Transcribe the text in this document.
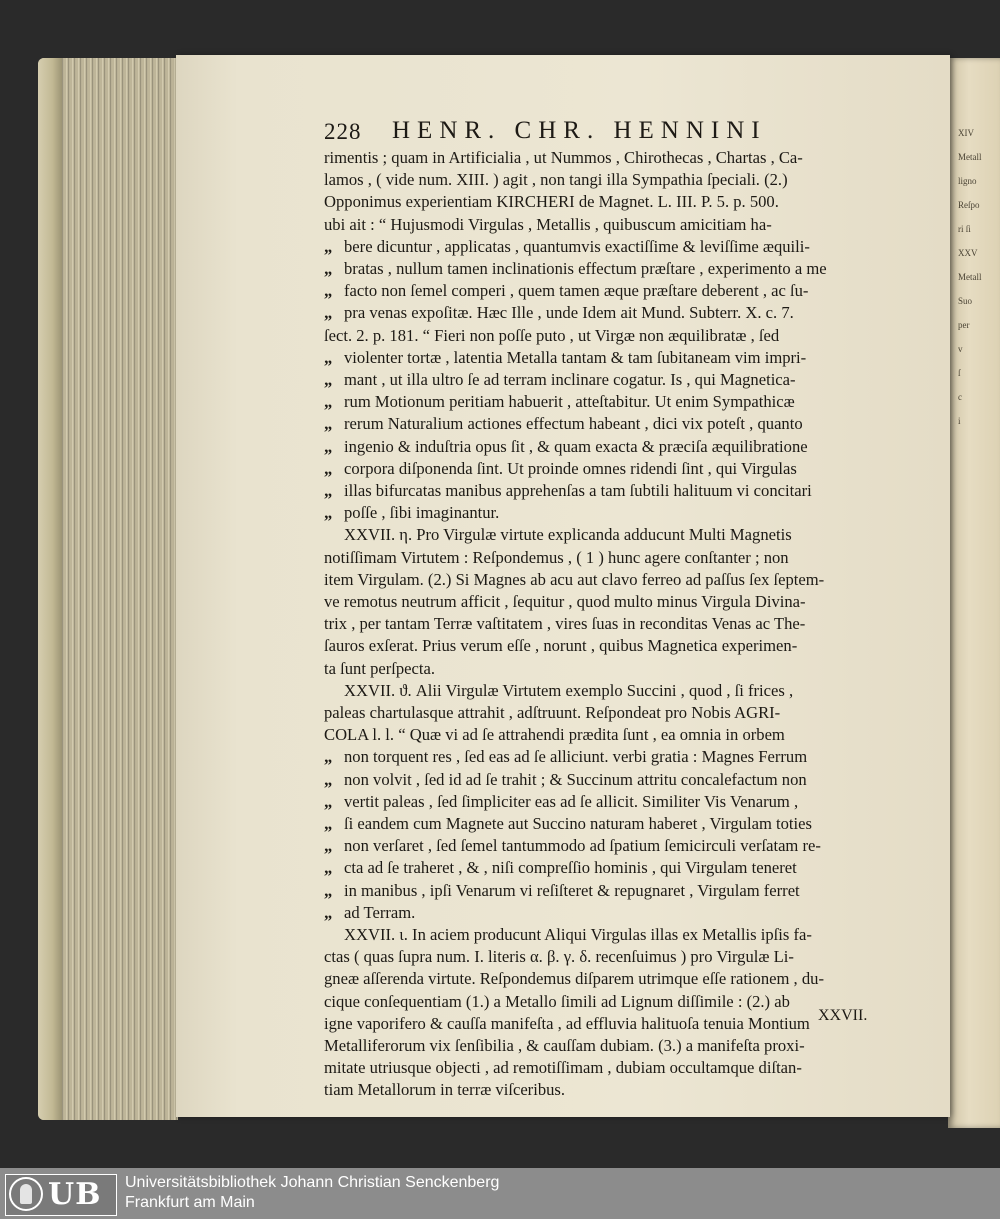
XIV
Metall
ligno
Reſpo
ri ſi
XXV
Metall
Suo
per
v
ſ
c
i
228 HENR. CHR. HENNINI
rimentis ; quam in Artificialia , ut Nummos , Chirothecas , Chartas , Ca-
lamos , ( vide num. XIII. ) agit , non tangi illa Sympathia ſpeciali. (2.)
Opponimus experientiam KIRCHERI de Magnet. L. III. P. 5. p. 500.
ubi ait : “ Hujusmodi Virgulas , Metallis , quibuscum amicitiam ha-
„ bere dicuntur , applicatas , quantumvis exactiſſime & leviſſime æquili-
„ bratas , nullum tamen inclinationis effectum præſtare , experimento a me
„ facto non ſemel comperi , quem tamen æque præſtare deberent , ac ſu-
„ pra venas expoſitæ. Hæc Ille , unde Idem ait Mund. Subterr. X. c. 7.
ſect. 2. p. 181. “ Fieri non poſſe puto , ut Virgæ non æquilibratæ , ſed
„ violenter tortæ , latentia Metalla tantam & tam ſubitaneam vim impri-
„ mant , ut illa ultro ſe ad terram inclinare cogatur. Is , qui Magnetica-
„ rum Motionum peritiam habuerit , atteſtabitur. Ut enim Sympathicæ
„ rerum Naturalium actiones effectum habeant , dici vix poteſt , quanto
„ ingenio & induſtria opus ſit , & quam exacta & præciſa æquilibratione
„ corpora diſponenda ſint. Ut proinde omnes ridendi ſint , qui Virgulas
„ illas bifurcatas manibus apprehenſas a tam ſubtili halituum vi concitari
„ poſſe , ſibi imaginantur.
XXVII. η. Pro Virgulæ virtute explicanda adducunt Multi Magnetis
notiſſimam Virtutem : Reſpondemus , ( 1 ) hunc agere conſtanter ; non
item Virgulam. (2.) Si Magnes ab acu aut clavo ferreo ad paſſus ſex ſeptem-
ve remotus neutrum afficit , ſequitur , quod multo minus Virgula Divina-
trix , per tantam Terræ vaſtitatem , vires ſuas in reconditas Venas ac The-
ſauros exſerat. Prius verum eſſe , norunt , quibus Magnetica experimen-
ta ſunt perſpecta.
XXVII. ϑ. Alii Virgulæ Virtutem exemplo Succini , quod , ſi frices ,
paleas chartulasque attrahit , adſtruunt. Reſpondeat pro Nobis AGRI-
COLA l. l. “ Quæ vi ad ſe attrahendi prædita ſunt , ea omnia in orbem
„ non torquent res , ſed eas ad ſe alliciunt. verbi gratia : Magnes Ferrum
„ non volvit , ſed id ad ſe trahit ; & Succinum attritu concalefactum non
„ vertit paleas , ſed ſimpliciter eas ad ſe allicit. Similiter Vis Venarum ,
„ ſi eandem cum Magnete aut Succino naturam haberet , Virgulam toties
„ non verſaret , ſed ſemel tantummodo ad ſpatium ſemicirculi verſatam re-
„ cta ad ſe traheret , & , niſi compreſſio hominis , qui Virgulam teneret
„ in manibus , ipſi Venarum vi reſiſteret & repugnaret , Virgulam ferret
„ ad Terram.
XXVII. ι. In aciem producunt Aliqui Virgulas illas ex Metallis ipſis fa-
ctas ( quas ſupra num. I. literis α. β. γ. δ. recenſuimus ) pro Virgulæ Li-
gneæ aſſerenda virtute. Reſpondemus diſparem utrimque eſſe rationem , du-
cique conſequentiam (1.) a Metallo ſimili ad Lignum diſſimile : (2.) ab
igne vaporifero & cauſſa manifeſta , ad effluvia halituoſa tenuia Montium
Metalliferorum vix ſenſibilia , & cauſſam dubiam. (3.) a manifeſta proxi-
mitate utriusque objecti , ad remotiſſimam , dubiam occultamque diſtan-
tiam Metallorum in terræ viſceribus.
XXVII.
UB Universitätsbibliothek Johann Christian Senckenberg
Frankfurt am Main
